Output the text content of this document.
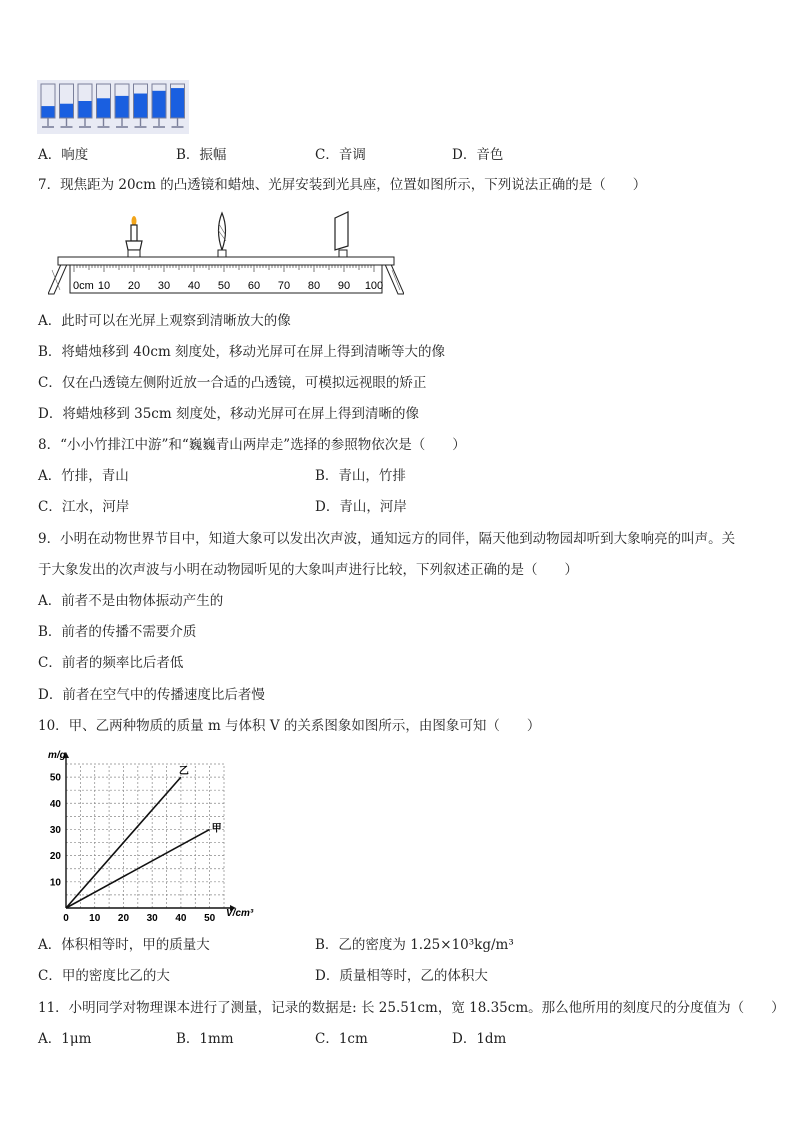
A．响度	B．振幅	C．音调	D．音色
7．现焦距为 20cm 的凸透镜和蜡烛、光屏安装到光具座，位置如图所示，下列说法正确的是（　　）
0cm 10 20 30 40 50 60 70 80 90 100
A．此时可以在光屏上观察到清晰放大的像
B．将蜡烛移到 40cm 刻度处，移动光屏可在屏上得到清晰等大的像
C．仅在凸透镜左侧附近放一合适的凸透镜，可模拟远视眼的矫正
D．将蜡烛移到 35cm 刻度处，移动光屏可在屏上得到清晰的像
8．“小小竹排江中游”和“巍巍青山两岸走”选择的参照物依次是（　　）
A．竹排，青山	B．青山，竹排
C．江水，河岸	D．青山，河岸
9．小明在动物世界节目中，知道大象可以发出次声波，通知远方的同伴，隔天他到动物园却听到大象响亮的叫声。关
于大象发出的次声波与小明在动物园听见的大象叫声进行比较，下列叙述正确的是（　　）
A．前者不是由物体振动产生的
B．前者的传播不需要介质
C．前者的频率比后者低
D．前者在空气中的传播速度比后者慢
10．甲、乙两种物质的质量 m 与体积 V 的关系图象如图所示，由图象可知（　　）
0 10 20 30 40 50
10
20
30
40
50
乙
甲
m/g
V/cm³
A．体积相等时，甲的质量大	B．乙的密度为 1.25×10³kg/m³
C．甲的密度比乙的大	D．质量相等时，乙的体积大
11．小明同学对物理课本进行了测量，记录的数据是: 长 25.51cm，宽 18.35cm。那么他所用的刻度尺的分度值为（　　）
A．1μm	B．1mm	C．1cm	D．1dm
